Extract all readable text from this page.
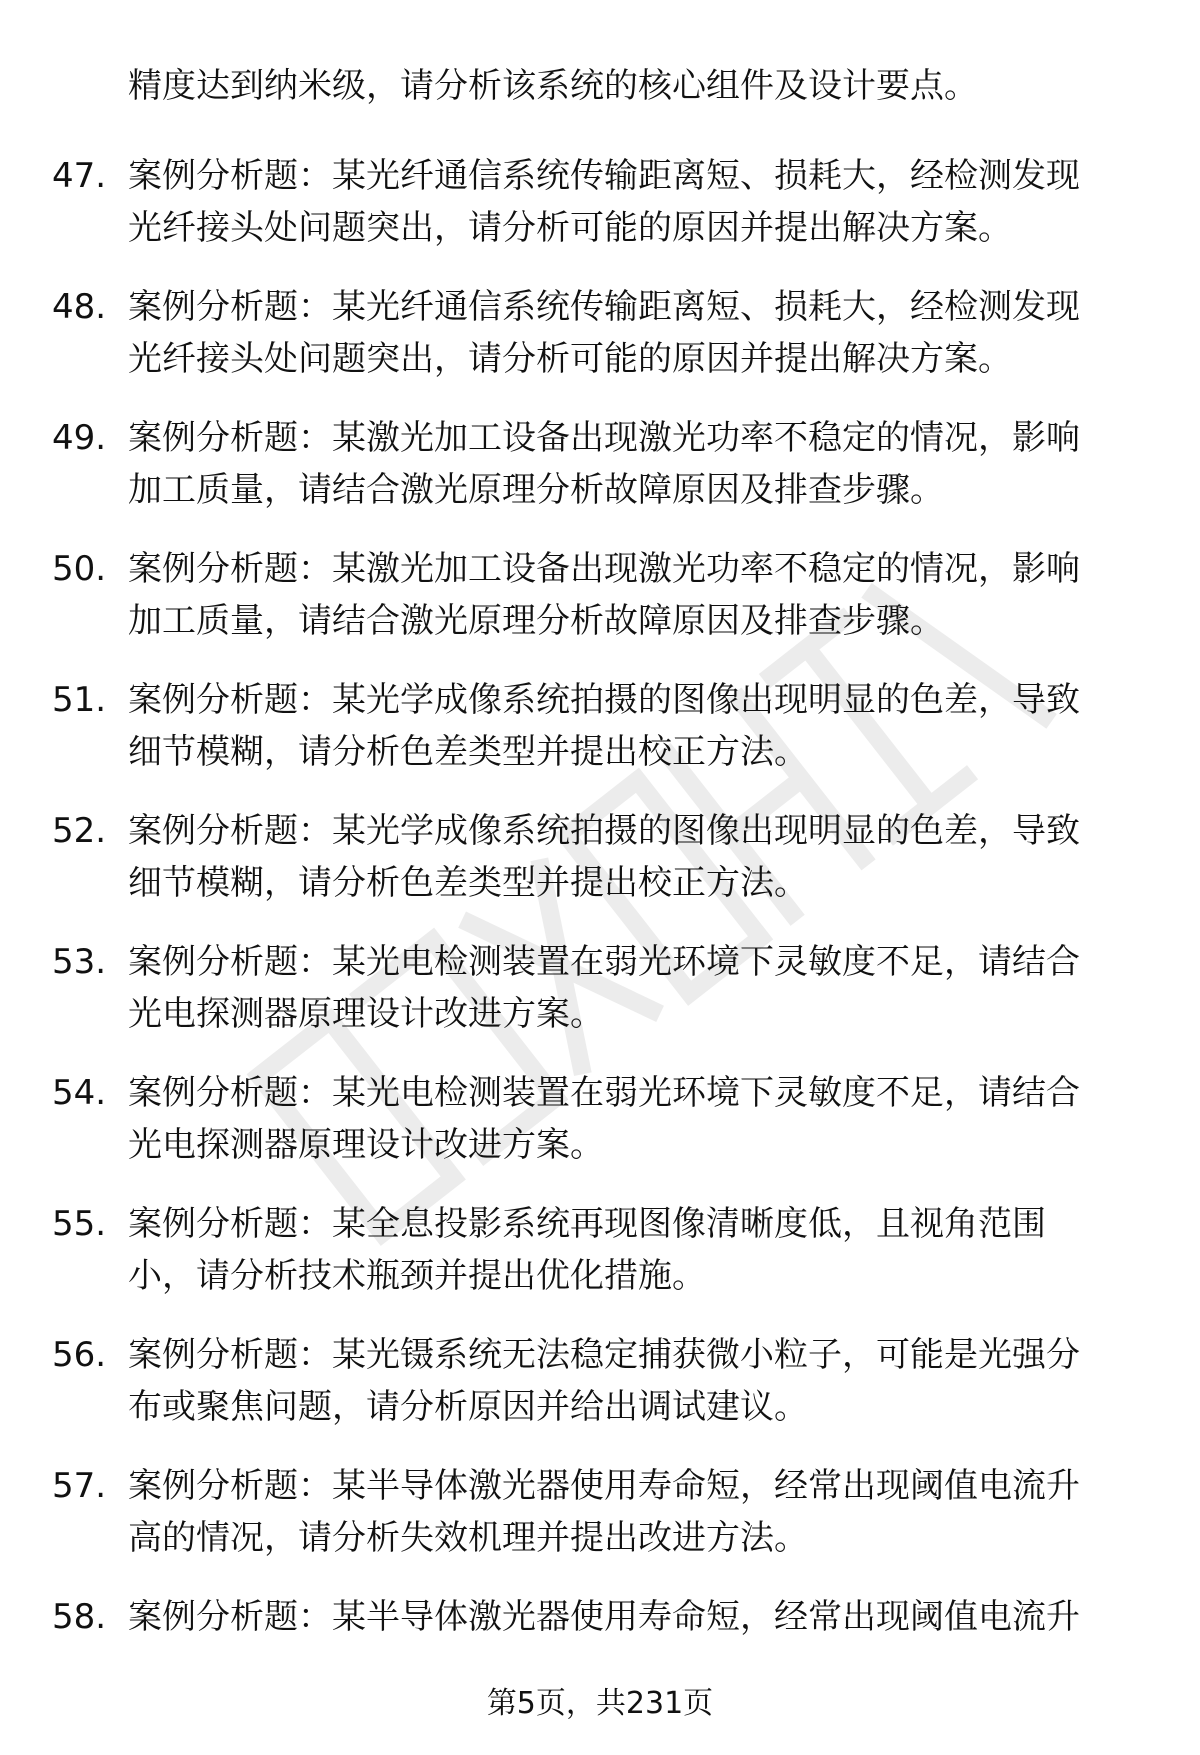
精度达到纳米级，请分析该系统的核心组件及设计要点。
47. 案例分析题：某光纤通信系统传输距离短、损耗大，经检测发现
光纤接头处问题突出，请分析可能的原因并提出解决方案。
48. 案例分析题：某光纤通信系统传输距离短、损耗大，经检测发现
光纤接头处问题突出，请分析可能的原因并提出解决方案。
49. 案例分析题：某激光加工设备出现激光功率不稳定的情况，影响
加工质量，请结合激光原理分析故障原因及排查步骤。
50. 案例分析题：某激光加工设备出现激光功率不稳定的情况，影响
加工质量，请结合激光原理分析故障原因及排查步骤。
51. 案例分析题：某光学成像系统拍摄的图像出现明显的色差，导致
细节模糊，请分析色差类型并提出校正方法。
52. 案例分析题：某光学成像系统拍摄的图像出现明显的色差，导致
细节模糊，请分析色差类型并提出校正方法。
53. 案例分析题：某光电检测装置在弱光环境下灵敏度不足，请结合
光电探测器原理设计改进方案。
54. 案例分析题：某光电检测装置在弱光环境下灵敏度不足，请结合
光电探测器原理设计改进方案。
55. 案例分析题：某全息投影系统再现图像清晰度低，且视角范围
小，请分析技术瓶颈并提出优化措施。
56. 案例分析题：某光镊系统无法稳定捕获微小粒子，可能是光强分
布或聚焦问题，请分析原因并给出调试建议。
57. 案例分析题：某半导体激光器使用寿命短，经常出现阈值电流升
高的情况，请分析失效机理并提出改进方法。
58. 案例分析题：某半导体激光器使用寿命短，经常出现阈值电流升
第5页，共231页
